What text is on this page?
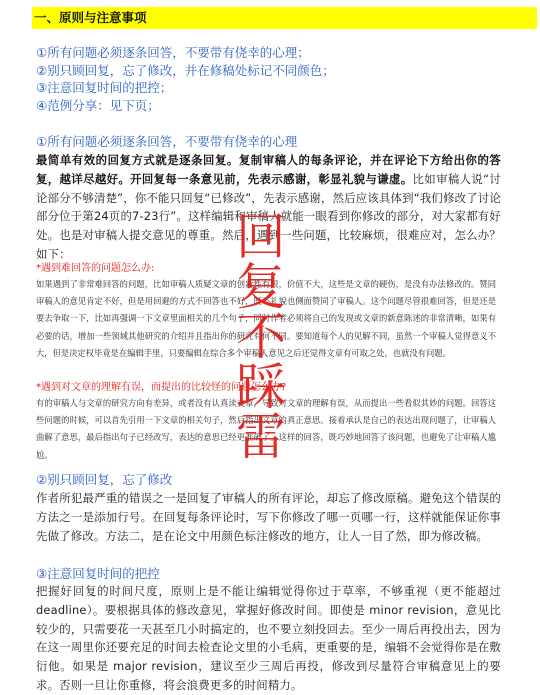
一、原则与注意事项
①所有问题必须逐条回答，不要带有侥幸的心理；
②别只顾回复，忘了修改，并在修稿处标记不同颜色；
③注意回复时间的把控；
④范例分享：见下页；
①所有问题必须逐条回答，不要带有侥幸的心理
最简单有效的回复方式就是逐条回复。复制审稿人的每条评论，并在评论下方给出你的答复，越详尽越好。开回复每一条意见前，先表示感谢，彰显礼貌与谦虚。比如审稿人说“讨论部分不够清楚”，你不能只回复“已修改”，先表示感谢，然后应该具体到“我们修改了讨论部分位于第24页的7-23行”。这样编辑和审稿人就能一眼看到你修改的部分，对大家都有好处。也是对审稿人提交意见的尊重。然后，遇到一些问题，比较麻烦，很难应对，怎么办？如下：
*遇到难回答的问题怎么办:
如果遇到了非常难回答的问题，比如审稿人质疑文章的创新性有限，价值不大，这些是文章的硬伤，是没有办法修改的。赞同审稿人的意见肯定不好，但是用回避的方式不回答也不好，既不礼貌也侧面赞同了审稿人。这个问题尽管很难回答，但是还是要去争取一下，比如再强调一下文章里面相关的几个句子，同时作者必须将自己的发现或文章的新意陈述的非常清晰，如果有必要的话，增加一些领域其他研究的介绍并且指出你的研究有何不同。要知道每个人的见解不同，虽然一个审稿人觉得意义不大，但是决定权毕竟是在编辑手里，只要编辑在综合多个审稿人意见之后还觉得文章有可取之处，也就没有问题。
*遇到对文章的理解有误，而提出的比较怪的问题怎么办?
有的审稿人与文章的研究方向有差异，或者没有认真读文章，导致对文章的理解有误，从而提出一些看似其妙的问题。回答这些问题的时候，可以首先引用一下文章的相关句子，然后指出文章的真正意思。接着承认是自己的表达出现问题了，让审稿人曲解了意思，最后指出句子已经改写，表达的意思已经更准确了。这样的回答，既巧妙地回答了该问题，也避免了让审稿人尴尬。
②别只顾回复，忘了修改
作者所犯最严重的错误之一是回复了审稿人的所有评论，却忘了修改原稿。避免这个错误的方法之一是添加行号。在回复每条评论时，写下你修改了哪一页哪一行，这样就能保证你事先做了修改。方法二，是在论文中用颜色标注修改的地方，让人一目了然，即为修改稿。
③注意回复时间的把控
把握好回复的时间尺度，原则上是不能让编辑觉得你过于草率，不够重视（更不能超过 deadline）。要根据具体的修改意见，掌握好修改时间。即使是 minor revision，意见比较少的，只需要花一天甚至几小时搞定的，也不要立刻投回去。至少一周后再投出去，因为在这一周里你还要充足的时间去检查论文里的小毛病，更重要的是，编辑不会觉得你是在敷衍他。如果是 major revision，建议至少三周后再投，修改到尽量符合审稿意见上的要求。否则一旦让你重修，将会浪费更多的时间精力。
回
复
不
踩
雷
